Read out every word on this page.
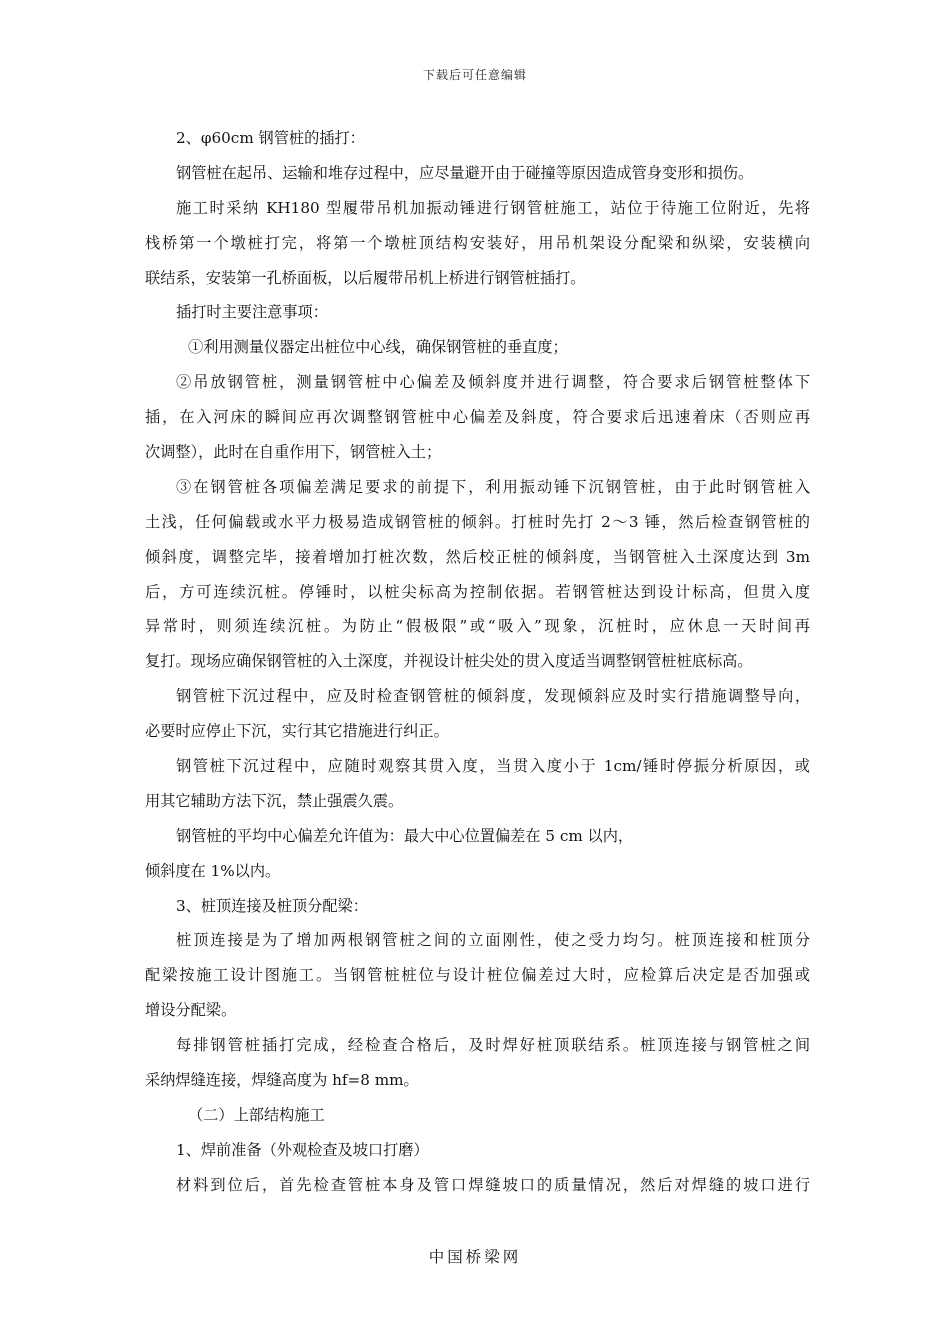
下载后可任意编辑
2、φ60cm 钢管桩的插打：
钢管桩在起吊、运输和堆存过程中，应尽量避开由于碰撞等原因造成管身变形和损伤。
施工时采纳 KH180 型履带吊机加振动锤进行钢管桩施工，站位于待施工位附近，先将
栈桥第一个墩桩打完，将第一个墩桩顶结构安装好，用吊机架设分配梁和纵梁，安装横向
联结系，安装第一孔桥面板，以后履带吊机上桥进行钢管桩插打。
插打时主要注意事项：
①利用测量仪器定出桩位中心线，确保钢管桩的垂直度；
②吊放钢管桩，测量钢管桩中心偏差及倾斜度并进行调整，符合要求后钢管桩整体下
插，在入河床的瞬间应再次调整钢管桩中心偏差及斜度，符合要求后迅速着床（否则应再
次调整），此时在自重作用下，钢管桩入土；
③在钢管桩各项偏差满足要求的前提下，利用振动锤下沉钢管桩，由于此时钢管桩入
土浅，任何偏载或水平力极易造成钢管桩的倾斜。打桩时先打 2～3 锤，然后检查钢管桩的
倾斜度，调整完毕，接着增加打桩次数，然后校正桩的倾斜度，当钢管桩入土深度达到 3m
后，方可连续沉桩。停锤时，以桩尖标高为控制依据。若钢管桩达到设计标高，但贯入度
异常时，则须连续沉桩。为防止“假极限”或“吸入”现象，沉桩时，应休息一天时间再
复打。现场应确保钢管桩的入土深度，并视设计桩尖处的贯入度适当调整钢管桩桩底标高。
钢管桩下沉过程中，应及时检查钢管桩的倾斜度，发现倾斜应及时实行措施调整导向，
必要时应停止下沉，实行其它措施进行纠正。
钢管桩下沉过程中，应随时观察其贯入度，当贯入度小于 1cm/锤时停振分析原因，或
用其它辅助方法下沉，禁止强震久震。
钢管桩的平均中心偏差允许值为：最大中心位置偏差在 5 cm 以内，
倾斜度在 1%以内。
3、桩顶连接及桩顶分配梁：
桩顶连接是为了增加两根钢管桩之间的立面刚性，使之受力均匀。桩顶连接和桩顶分
配梁按施工设计图施工。当钢管桩桩位与设计桩位偏差过大时，应检算后决定是否加强或
增设分配梁。
每排钢管桩插打完成，经检查合格后，及时焊好桩顶联结系。桩顶连接与钢管桩之间
采纳焊缝连接，焊缝高度为 hf=8 mm。
（二）上部结构施工
1、焊前准备（外观检查及坡口打磨）
材料到位后，首先检查管桩本身及管口焊缝坡口的质量情况，然后对焊缝的坡口进行
中国桥梁网
